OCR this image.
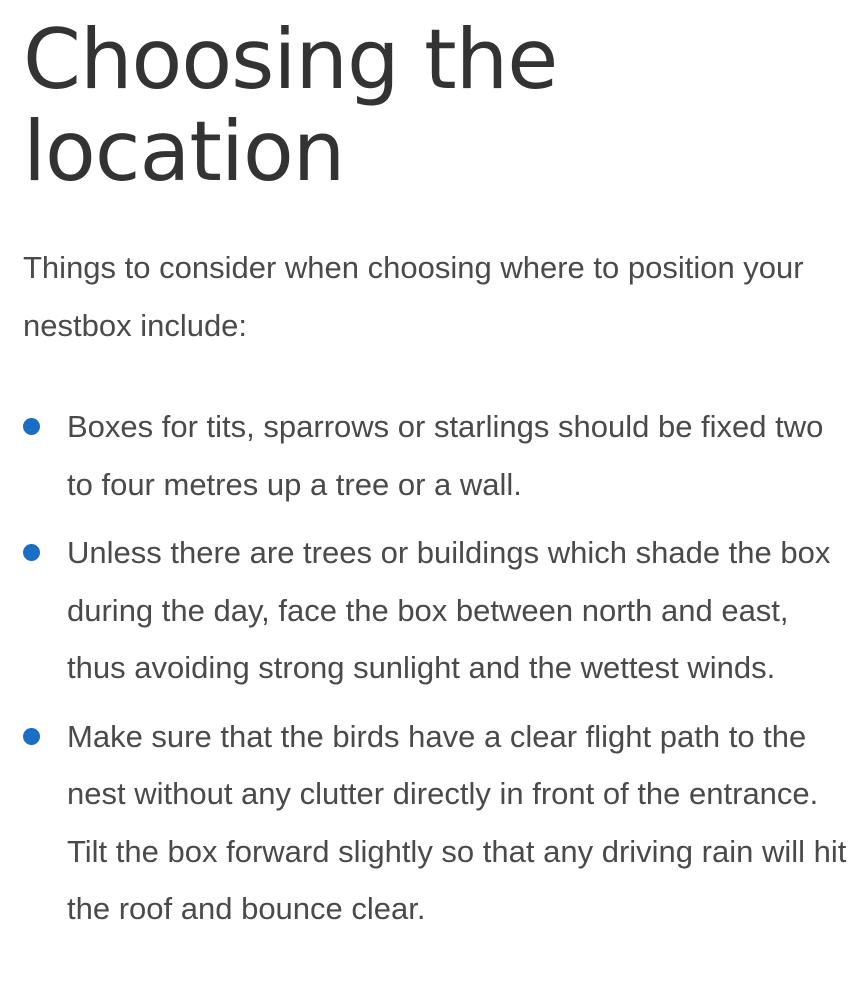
Choosing the location

Things to consider when choosing where to position your nestbox include:

Boxes for tits, sparrows or starlings should be fixed two to four metres up a tree or a wall.
Unless there are trees or buildings which shade the box during the day, face the box between north and east, thus avoiding strong sunlight and the wettest winds.
Make sure that the birds have a clear flight path to the nest without any clutter directly in front of the entrance. Tilt the box forward slightly so that any driving rain will hit the roof and bounce clear.
